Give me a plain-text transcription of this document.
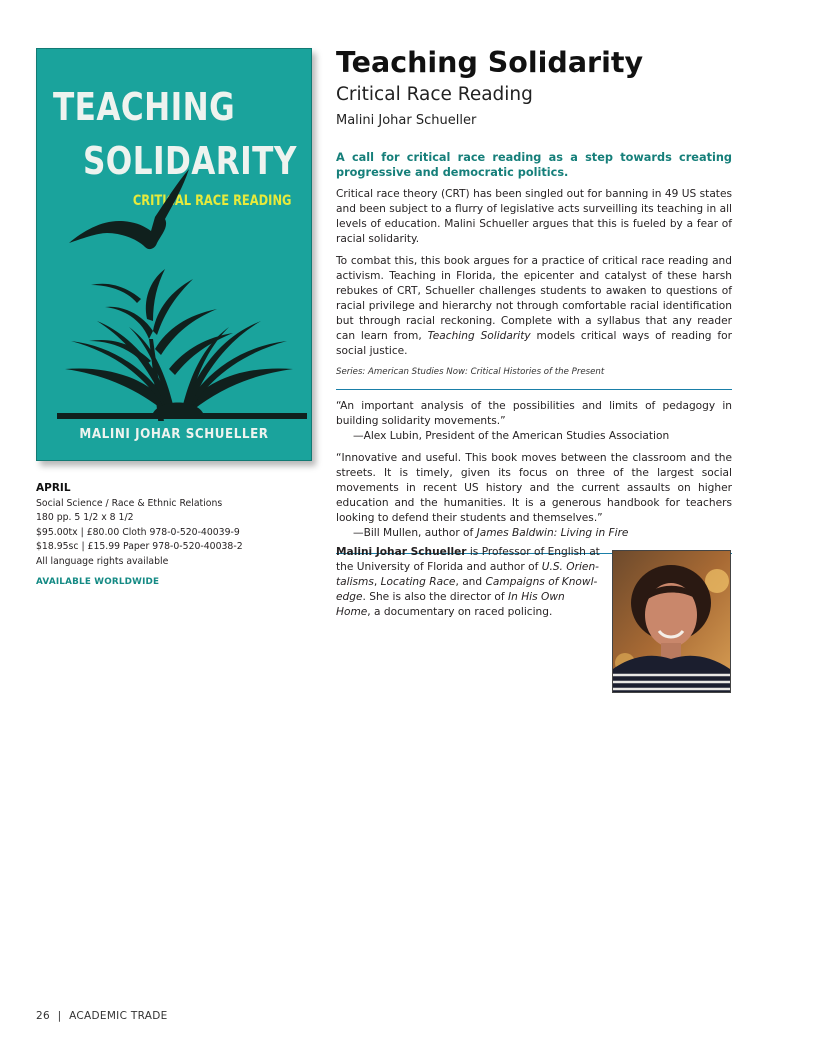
TEACHING
SOLIDARITY
CRITICAL RACE READING
MALINI JOHAR SCHUELLER
APRIL
Social Science / Race & Ethnic Relations
180 pp. 5 1/2 x 8 1/2
$95.00tx | £80.00 Cloth 978-0-520-40039-9
$18.95sc | £15.99 Paper 978-0-520-40038-2
All language rights available
AVAILABLE WORLDWIDE
Teaching Solidarity
Critical Race Reading
Malini Johar Schueller
A call for critical race reading as a step towards creating progressive and democratic politics.
Critical race theory (CRT) has been singled out for banning in 49 US states and been subject to a flurry of legislative acts surveilling its teaching in all levels of education. Malini Schueller argues that this is fueled by a fear of racial solidarity.
To combat this, this book argues for a practice of critical race reading and activism. Teaching in Florida, the epicenter and catalyst of these harsh rebukes of CRT, Schueller challenges students to awaken to questions of racial privilege and hierarchy not through comfortable racial identification but through racial reckoning. Complete with a syllabus that any reader can learn from, Teaching Solidarity models critical ways of reading for social justice.
Series: American Studies Now: Critical Histories of the Present
“An important analysis of the possibilities and limits of pedagogy in building solidarity movements.”
—Alex Lubin, President of the American Studies Association
“Innovative and useful. This book moves between the classroom and the streets. It is timely, given its focus on three of the largest social movements in recent US history and the current assaults on higher education and the humanities. It is a generous handbook for teachers looking to defend their students and themselves.”
—Bill Mullen, author of James Baldwin: Living in Fire
Malini Johar Schueller is Professor of English at the University of Florida and author of U.S. Orientalisms, Locating Race, and Campaigns of Knowledge. She is also the director of In His Own Home, a documentary on raced policing.
26 | ACADEMIC TRADE
